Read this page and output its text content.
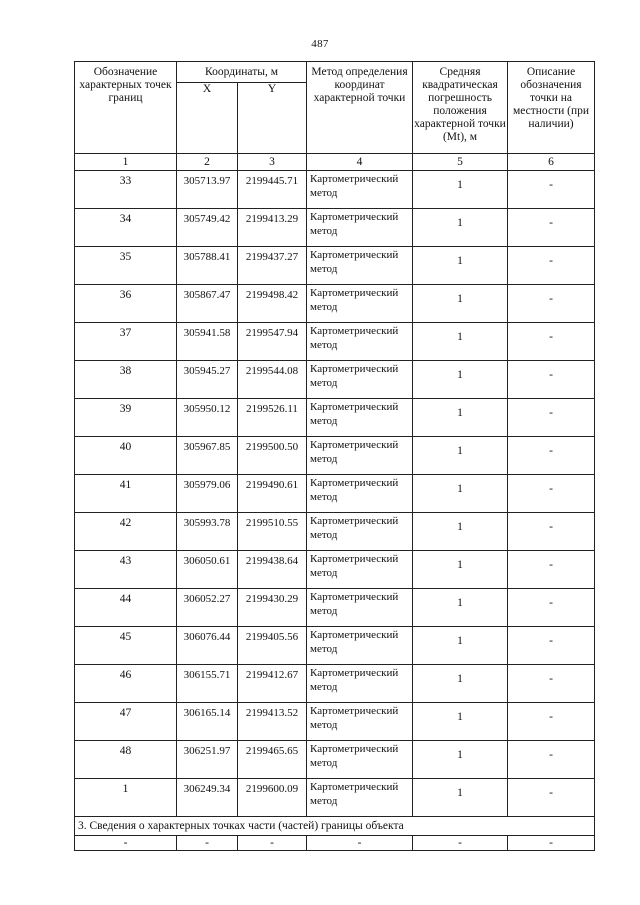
487
Обозначение характерных точек границ	Координаты, м		Метод определения координат характерной точки	Средняя квадратическая погрешность положения характерной точки (Mt), м	Описание обозначения точки на местности (при наличии)
	X	Y			
1	2	3	4	5	6
33	305713.97	2199445.71	Картометрический метод	1	-
34	305749.42	2199413.29	Картометрический метод	1	-
35	305788.41	2199437.27	Картометрический метод	1	-
36	305867.47	2199498.42	Картометрический метод	1	-
37	305941.58	2199547.94	Картометрический метод	1	-
38	305945.27	2199544.08	Картометрический метод	1	-
39	305950.12	2199526.11	Картометрический метод	1	-
40	305967.85	2199500.50	Картометрический метод	1	-
41	305979.06	2199490.61	Картометрический метод	1	-
42	305993.78	2199510.55	Картометрический метод	1	-
43	306050.61	2199438.64	Картометрический метод	1	-
44	306052.27	2199430.29	Картометрический метод	1	-
45	306076.44	2199405.56	Картометрический метод	1	-
46	306155.71	2199412.67	Картометрический метод	1	-
47	306165.14	2199413.52	Картометрический метод	1	-
48	306251.97	2199465.65	Картометрический метод	1	-
1	306249.34	2199600.09	Картометрический метод	1	-
3. Сведения о характерных точках части (частей) границы объекта					
-	-	-	-	-	-
